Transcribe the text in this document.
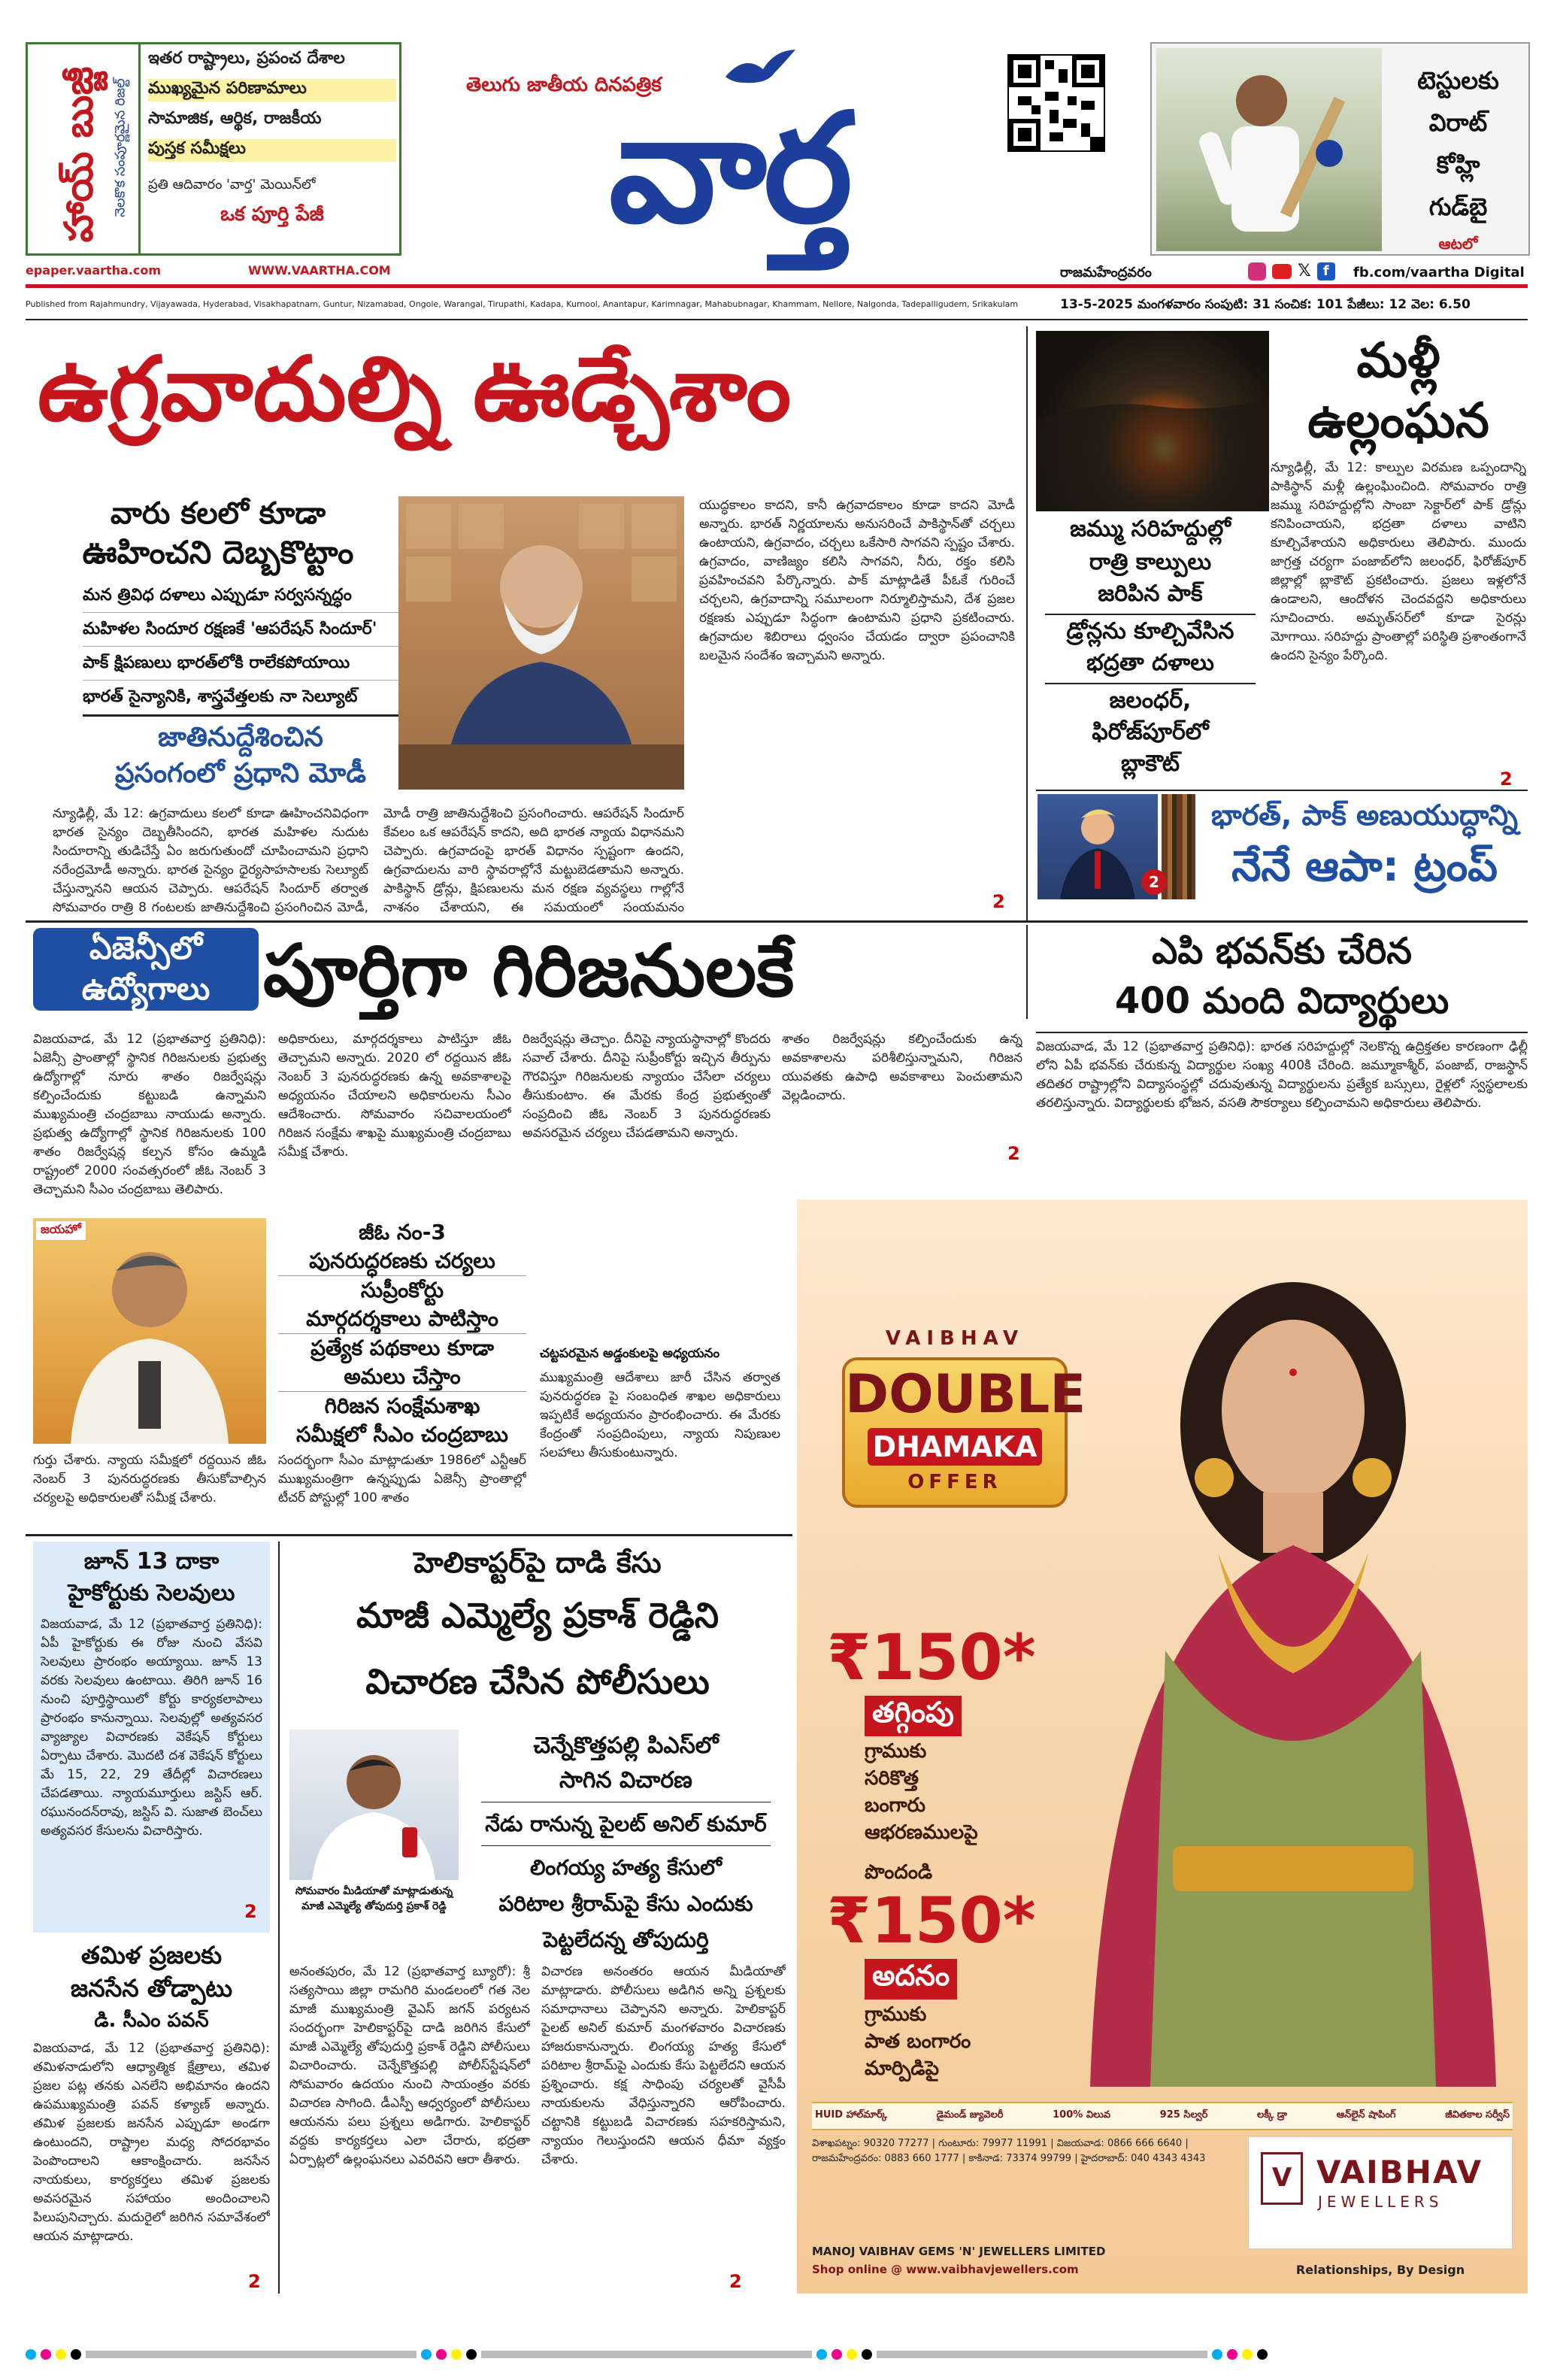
హాయ్ బుజ్జీ నెలకొక సంపూర్ణమైన రిజల్ట్
ఇతర రాష్ట్రాలు, ప్రపంచ దేశాల
ముఖ్యమైన పరిణామాలు
సామాజిక, ఆర్థిక, రాజకీయ
పుస్తక సమీక్షలు
ప్రతి ఆదివారం 'వార్త' మెయిన్‌లో
ఒక పూర్తి పేజీ
epaper.vaartha.com	WWW.VAARTHA.COM
తెలుగు జాతీయ దినపత్రిక
వార్త
టెస్టులకు
విరాట్
కోహ్లి
గుడ్‌బై
ఆటలో
రాజమహేంద్రవరం	𝕏 f	fb.com/vaartha Digital
Published from Rajahmundry, Vijayawada, Hyderabad, Visakhapatnam, Guntur, Nizamabad, Ongole, Warangal, Tirupathi, Kadapa, Kurnool, Anantapur, Karimnagar, Mahabubnagar, Khammam, Nellore, Nalgonda, Tadepalligudem, Srikakulam	13-5-2025 మంగళవారం సంపుటి: 31 సంచిక: 101 పేజీలు: 12 వెల: 6.50
ఉగ్రవాదుల్ని ఊడ్చేశాం
వారు కలలో కూడా
ఊహించని దెబ్బకొట్టాం
మన త్రివిధ దళాలు ఎప్పుడూ సర్వసన్నద్ధం
మహిళల సిందూర రక్షణకే 'ఆపరేషన్ సిందూర్'
పాక్ క్షిపణులు భారత్‌లోకి రాలేకపోయాయి
భారత్ సైన్యానికి, శాస్త్రవేత్తలకు నా సెల్యూట్
జాతినుద్దేశించిన
ప్రసంగంలో ప్రధాని మోడీ
న్యూఢిల్లీ, మే 12: ఉగ్రవాదులు కలలో కూడా ఊహించనివిధంగా భారత సైన్యం దెబ్బతీసిందని, భారత మహిళల నుదుట సిందూరాన్ని తుడిచేస్తే ఏం జరుగుతుందో చూపించామని ప్రధాని నరేంద్రమోడీ అన్నారు. భారత సైన్యం ధైర్యసాహసాలకు సెల్యూట్ చేస్తున్నానని ఆయన చెప్పారు. ఆపరేషన్ సిందూర్ తర్వాత సోమవారం రాత్రి 8 గంటలకు జాతినుద్దేశించి ప్రసంగించిన మోడీ,
మోడీ రాత్రి జాతినుద్దేశించి ప్రసంగించారు. ఆపరేషన్ సిందూర్ కేవలం ఒక ఆపరేషన్ కాదని, అది భారత న్యాయ విధానమని చెప్పారు. ఉగ్రవాదంపై భారత్ విధానం స్పష్టంగా ఉందని, ఉగ్రవాదులను వారి స్థావరాల్లోనే మట్టుబెడతామని అన్నారు. పాకిస్థాన్ డ్రోన్లు, క్షిపణులను మన రక్షణ వ్యవస్థలు గాల్లోనే నాశనం చేశాయని, ఈ సమయంలో సంయమనం
యుద్ధకాలం కాదని, కానీ ఉగ్రవాదకాలం కూడా కాదని మోడీ అన్నారు. భారత్ నిర్ణయాలను అనుసరించే పాకిస్థాన్‌తో చర్చలు ఉంటాయని, ఉగ్రవాదం, చర్చలు ఒకేసారి సాగవని స్పష్టం చేశారు. ఉగ్రవాదం, వాణిజ్యం కలిసి సాగవని, నీరు, రక్తం కలిసి ప్రవహించవని పేర్కొన్నారు. పాక్ మాట్లాడితే పీఓకే గురించే చర్చలని, ఉగ్రవాదాన్ని సమూలంగా నిర్మూలిస్తామని, దేశ ప్రజల రక్షణకు ఎప్పుడూ సిద్ధంగా ఉంటామని ప్రధాని ప్రకటించారు. ఉగ్రవాదుల శిబిరాలు ధ్వంసం చేయడం ద్వారా ప్రపంచానికి బలమైన సందేశం ఇచ్చామని అన్నారు.
2
మళ్లీ
ఉల్లంఘన
జమ్ము సరిహద్దుల్లో
రాత్రి కాల్పులు
జరిపిన పాక్
డ్రోన్లను కూల్చివేసిన
భద్రతా దళాలు
జలంధర్,
ఫిరోజ్‌పూర్‌లో
బ్లాకౌట్
న్యూఢిల్లీ, మే 12: కాల్పుల విరమణ ఒప్పందాన్ని పాకిస్థాన్ మళ్లీ ఉల్లంఘించింది. సోమవారం రాత్రి జమ్ము సరిహద్దుల్లోని సాంబా సెక్టార్‌లో పాక్ డ్రోన్లు కనిపించాయని, భద్రతా దళాలు వాటిని కూల్చివేశాయని అధికారులు తెలిపారు. ముందు జాగ్రత్త చర్యగా పంజాబ్‌లోని జలంధర్, ఫిరోజ్‌పూర్ జిల్లాల్లో బ్లాకౌట్ ప్రకటించారు. ప్రజలు ఇళ్లలోనే ఉండాలని, ఆందోళన చెందవద్దని అధికారులు సూచించారు. అమృత్‌సర్‌లో కూడా సైరన్లు మోగాయి. సరిహద్దు ప్రాంతాల్లో పరిస్థితి ప్రశాంతంగానే ఉందని సైన్యం పేర్కొంది.
2
2
భారత్, పాక్ అణుయుద్ధాన్ని
నేనే ఆపా: ట్రంప్
ఏజెన్సీలో
ఉద్యోగాలు పూర్తిగా గిరిజనులకే	ఎపి భవన్‌కు చేరిన
400 మంది విద్యార్థులు
విజయవాడ, మే 12 (ప్రభాతవార్త ప్రతినిధి): భారత సరిహద్దుల్లో నెలకొన్న ఉద్రిక్తతల కారణంగా ఢిల్లీ లోని ఏపీ భవన్‌కు చేరుకున్న విద్యార్థుల సంఖ్య 400కి చేరింది. జమ్మూకాశ్మీర్, పంజాబ్, రాజస్థాన్ తదితర రాష్ట్రాల్లోని విద్యాసంస్థల్లో చదువుతున్న విద్యార్థులను ప్రత్యేక బస్సులు, రైళ్లలో స్వస్థలాలకు తరలిస్తున్నారు. విద్యార్థులకు భోజన, వసతి సౌకర్యాలు కల్పించామని అధికారులు తెలిపారు.
విజయవాడ, మే 12 (ప్రభాతవార్త ప్రతినిధి): ఏజెన్సీ ప్రాంతాల్లో స్థానిక గిరిజనులకు ప్రభుత్వ ఉద్యోగాల్లో నూరు శాతం రిజర్వేషన్లు కల్పించేందుకు కట్టుబడి ఉన్నామని ముఖ్యమంత్రి చంద్రబాబు నాయుడు అన్నారు. ప్రభుత్వ ఉద్యోగాల్లో స్థానిక గిరిజనులకు 100 శాతం రిజర్వేషన్ల కల్పన కోసం ఉమ్మడి రాష్ట్రంలో 2000 సంవత్సరంలో జీఓ నెంబర్ 3 తెచ్చామని సీఎం చంద్రబాబు తెలిపారు.
అధికారులు, మార్గదర్శకాలు పాటిస్తూ జీఓ తెచ్చామని అన్నారు. 2020 లో రద్దయిన జీఓ నెంబర్ 3 పునరుద్ధరణకు ఉన్న అవకాశాలపై అధ్యయనం చేయాలని అధికారులను సీఎం ఆదేశించారు. సోమవారం సచివాలయంలో గిరిజన సంక్షేమ శాఖపై ముఖ్యమంత్రి చంద్రబాబు సమీక్ష చేశారు.
రిజర్వేషన్లు తెచ్చాం. దీనిపై న్యాయస్థానాల్లో కొందరు సవాల్ చేశారు. దీనిపై సుప్రీంకోర్టు ఇచ్చిన తీర్పును గౌరవిస్తూ గిరిజనులకు న్యాయం చేసేలా చర్యలు తీసుకుంటాం. ఈ మేరకు కేంద్ర ప్రభుత్వంతో సంప్రదించి జీఓ నెంబర్ 3 పునరుద్ధరణకు అవసరమైన చర్యలు చేపడతామని అన్నారు.
శాతం రిజర్వేషన్లు కల్పించేందుకు ఉన్న అవకాశాలను పరిశీలిస్తున్నామని, గిరిజన యువతకు ఉపాధి అవకాశాలు పెంచుతామని వెల్లడించారు.
2
జయహో	జీఓ నం-3
పునరుద్ధరణకు చర్యలు
సుప్రీంకోర్టు
మార్గదర్శకాలు పాటిస్తాం
ప్రత్యేక పథకాలు కూడా
అమలు చేస్తాం
గిరిజన సంక్షేమశాఖ
సమీక్షలో సీఎం చంద్రబాబు
చట్టపరమైన అడ్డంకులపై అధ్యయనం
ముఖ్యమంత్రి ఆదేశాలు జారీ చేసిన తర్వాత పునరుద్ధరణ పై సంబంధిత శాఖల అధికారులు ఇప్పటికే అధ్యయనం ప్రారంభించారు. ఈ మేరకు కేంద్రంతో సంప్రదింపులు, న్యాయ నిపుణుల సలహాలు తీసుకుంటున్నారు.
గుర్తు చేశారు. న్యాయ సమీక్షలో రద్దయిన జీఓ నెంబర్ 3 పునరుద్ధరణకు తీసుకోవాల్సిన చర్యలపై అధికారులతో సమీక్ష చేశారు.
సందర్భంగా సీఎం మాట్లాడుతూ 1986లో ఎన్టీఆర్ ముఖ్యమంత్రిగా ఉన్నప్పుడు ఏజెన్సీ ప్రాంతాల్లో టీచర్ పోస్టుల్లో 100 శాతం
జూన్ 13 దాకా
హైకోర్టుకు సెలవులు
విజయవాడ, మే 12 (ప్రభాతవార్త ప్రతినిధి): ఏపీ హైకోర్టుకు ఈ రోజు నుంచి వేసవి సెలవులు ప్రారంభం అయ్యాయి. జూన్ 13 వరకు సెలవులు ఉంటాయి. తిరిగి జూన్ 16 నుంచి పూర్తిస్థాయిలో కోర్టు కార్యకలాపాలు ప్రారంభం కానున్నాయి. సెలవుల్లో అత్యవసర వ్యాజ్యాల విచారణకు వెకేషన్ కోర్టులు ఏర్పాటు చేశారు. మొదటి దశ వెకేషన్ కోర్టులు మే 15, 22, 29 తేదీల్లో విచారణలు చేపడతాయి. న్యాయమూర్తులు జస్టిస్ ఆర్. రఘునందన్‌రావు, జస్టిస్ వి. సుజాత బెంచ్‌లు అత్యవసర కేసులను విచారిస్తారు.
2
తమిళ ప్రజలకు
జనసేన తోడ్పాటు
డి. సీఎం పవన్
విజయవాడ, మే 12 (ప్రభాతవార్త ప్రతినిధి): తమిళనాడులోని ఆధ్యాత్మిక క్షేత్రాలు, తమిళ ప్రజల పట్ల తనకు ఎనలేని అభిమానం ఉందని ఉపముఖ్యమంత్రి పవన్ కళ్యాణ్ అన్నారు. తమిళ ప్రజలకు జనసేన ఎప్పుడూ అండగా ఉంటుందని, రాష్ట్రాల మధ్య సోదరభావం పెంపొందాలని ఆకాంక్షించారు. జనసేన నాయకులు, కార్యకర్తలు తమిళ ప్రజలకు అవసరమైన సహాయం అందించాలని పిలుపునిచ్చారు. మదురైలో జరిగిన సమావేశంలో ఆయన మాట్లాడారు.
2
హెలికాప్టర్‌పై దాడి కేసు
మాజీ ఎమ్మెల్యే ప్రకాశ్ రెడ్డిని
విచారణ చేసిన పోలీసులు
సోమవారం మీడియాతో మాట్లాడుతున్న మాజీ ఎమ్మెల్యే తోపుదుర్తి ప్రకాశ్ రెడ్డి
చెన్నేకొత్తపల్లి పిఎస్‌లో
సాగిన విచారణ
నేడు రానున్న పైలట్ అనిల్ కుమార్
లింగయ్య హత్య కేసులో
పరిటాల శ్రీరామ్‌పై కేసు ఎందుకు
పెట్టలేదన్న తోపుదుర్తి
అనంతపురం, మే 12 (ప్రభాతవార్త బ్యూరో): శ్రీ సత్యసాయి జిల్లా రామగిరి మండలంలో గత నెల మాజీ ముఖ్యమంత్రి వైఎస్ జగన్ పర్యటన సందర్భంగా హెలికాప్టర్‌పై దాడి జరిగిన కేసులో మాజీ ఎమ్మెల్యే తోపుదుర్తి ప్రకాశ్ రెడ్డిని పోలీసులు విచారించారు. చెన్నేకొత్తపల్లి పోలీస్‌స్టేషన్‌లో సోమవారం ఉదయం నుంచి సాయంత్రం వరకు విచారణ సాగింది. డీఎస్పీ ఆధ్వర్యంలో పోలీసులు ఆయనను పలు ప్రశ్నలు అడిగారు. హెలికాప్టర్ వద్దకు కార్యకర్తలు ఎలా చేరారు, భద్రతా ఏర్పాట్లలో ఉల్లంఘనలు ఎవరివని ఆరా తీశారు.
విచారణ అనంతరం ఆయన మీడియాతో మాట్లాడారు. పోలీసులు అడిగిన అన్ని ప్రశ్నలకు సమాధానాలు చెప్పానని అన్నారు. హెలికాప్టర్ పైలట్ అనిల్ కుమార్ మంగళవారం విచారణకు హాజరుకానున్నారు. లింగయ్య హత్య కేసులో పరిటాల శ్రీరామ్‌పై ఎందుకు కేసు పెట్టలేదని ఆయన ప్రశ్నించారు. కక్ష సాధింపు చర్యలతో వైసీపీ నాయకులను వేధిస్తున్నారని ఆరోపించారు. చట్టానికి కట్టుబడి విచారణకు సహకరిస్తామని, న్యాయం గెలుస్తుందని ఆయన ధీమా వ్యక్తం చేశారు.
2
VAIBHAV
DOUBLE
DHAMAKA
OFFER
₹150*
తగ్గింపు
గ్రాముకు
సరికొత్త
బంగారు
ఆభరణములపై
పొందండి
₹150*
అదనం
గ్రాముకు
పాత బంగారం
మార్పిడిపై
HUID హాల్‌మార్క్	డైమండ్ జ్యువెలరీ	100% విలువ	925 సిల్వర్	లక్కీ డ్రా	ఆన్‌లైన్ షాపింగ్	జీవితకాల సర్వీస్
విశాఖపట్నం: 90320 77277 | గుంటూరు: 79977 11991 | విజయవాడ: 0866 666 6640 | రాజమహేంద్రవరం: 0883 660 1777 | కాకినాడ: 73374 99799 | హైదరాబాద్: 040 4343 4343
MANOJ VAIBHAV GEMS 'N' JEWELLERS LIMITED
Shop online @ www.vaibhavjewellers.com
V VAIBHAV
JEWELLERS
Relationships, By Design
